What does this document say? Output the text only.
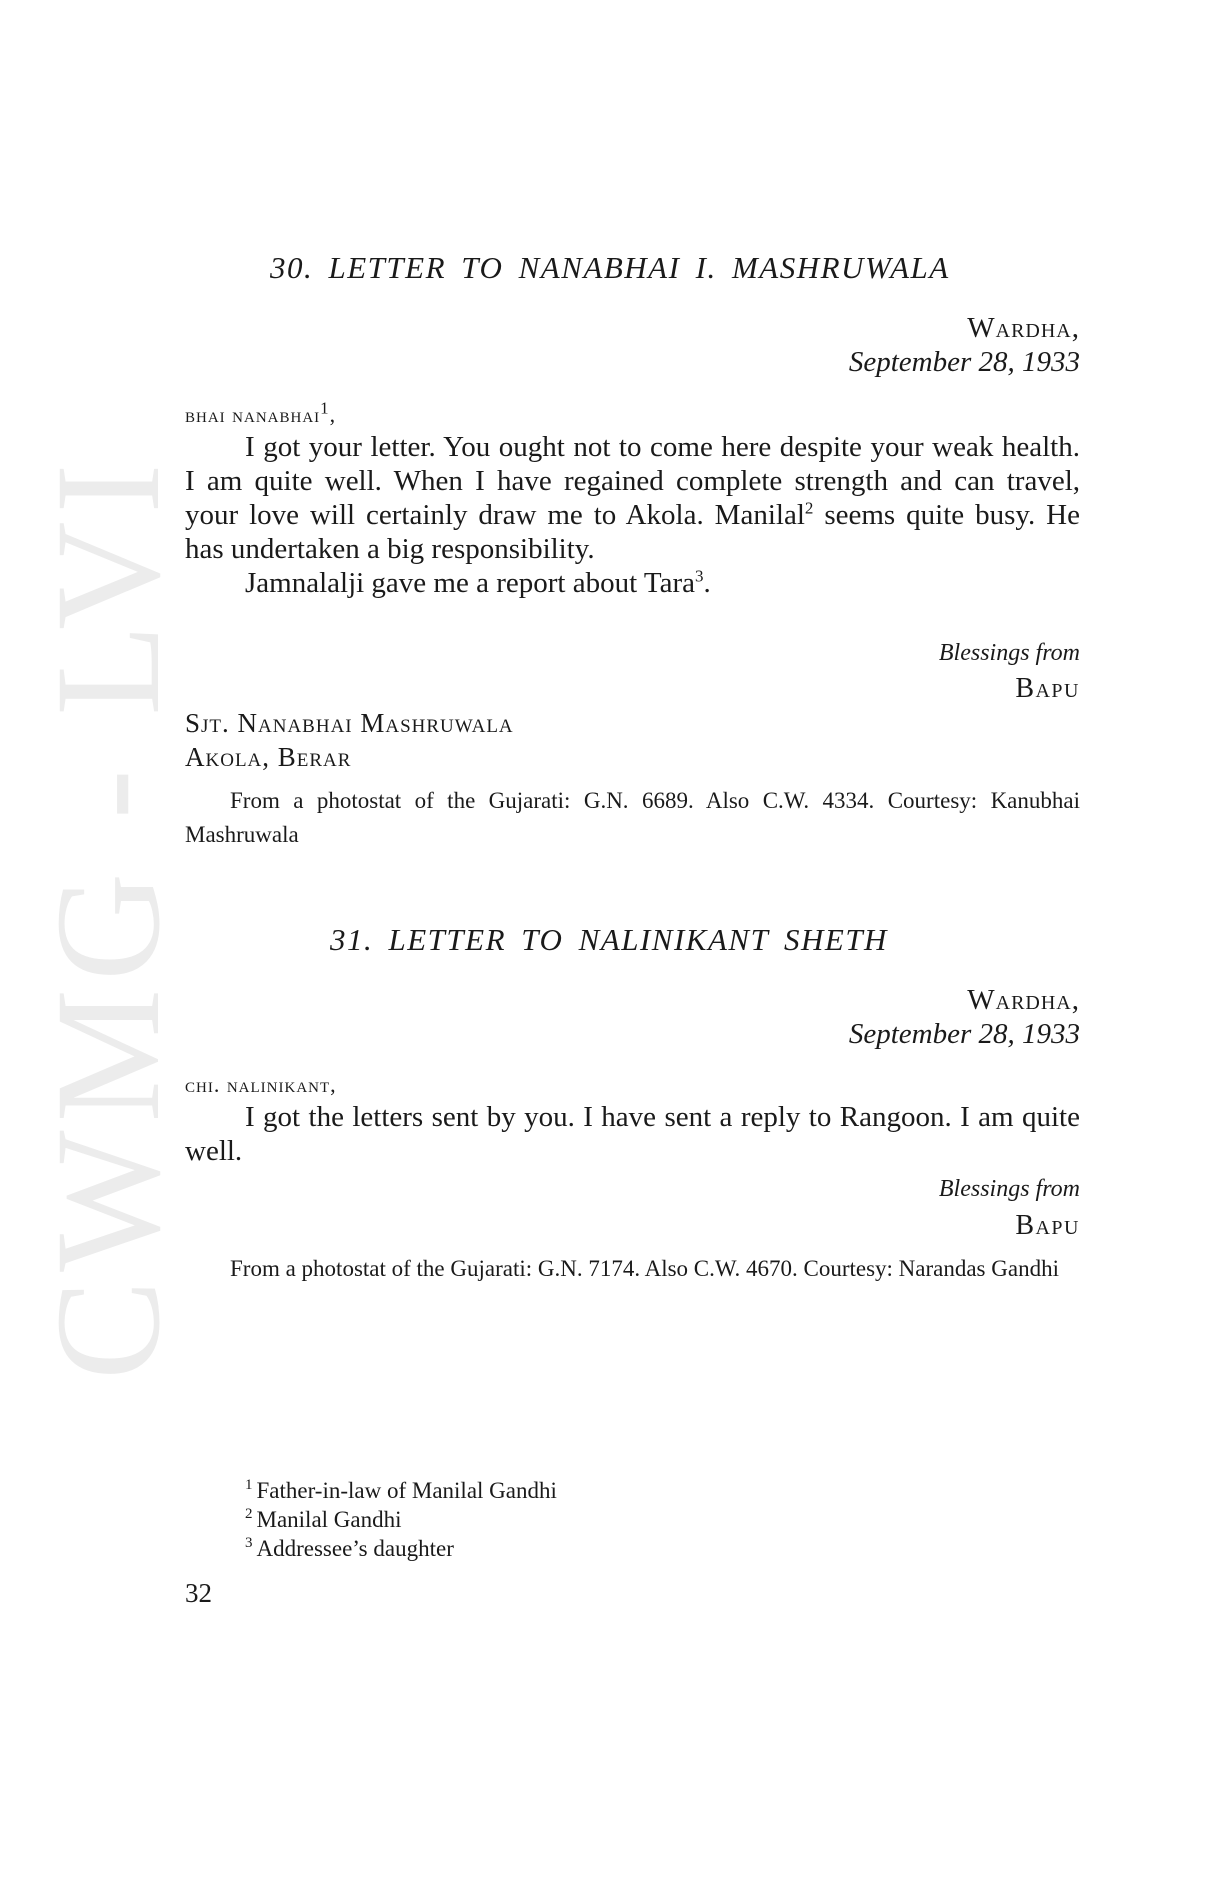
CWMG - LVI
30. LETTER TO NANABHAI I. MASHRUWALA
Wardha,
September 28, 1933
bhai nanabhai$^1$,

I got your letter. You ought not to come here despite your weak health. I am quite well. When I have regained complete strength and can travel, your love will certainly draw me to Akola. Manilal$^2$ seems quite busy. He has undertaken a big responsibility.

Jamnalalji gave me a report about Tara$^3$.

Blessings from
Bapu
Sjt. Nanabhai Mashruwala
Akola, Berar

From a photostat of the Gujarati: G.N. 6689. Also C.W. 4334. Courtesy: Kanubhai Mashruwala

31. LETTER TO NALINIKANT SHETH
Wardha,
September 28, 1933
chi. nalinikant,

I got the letters sent by you. I have sent a reply to Rangoon. I am quite well.

Blessings from
Bapu

From a photostat of the Gujarati: G.N. 7174. Also C.W. 4670. Courtesy: Narandas Gandhi

$^1$ Father-in-law of Manilal Gandhi
$^2$ Manilal Gandhi
$^3$ Addressee’s daughter
32
